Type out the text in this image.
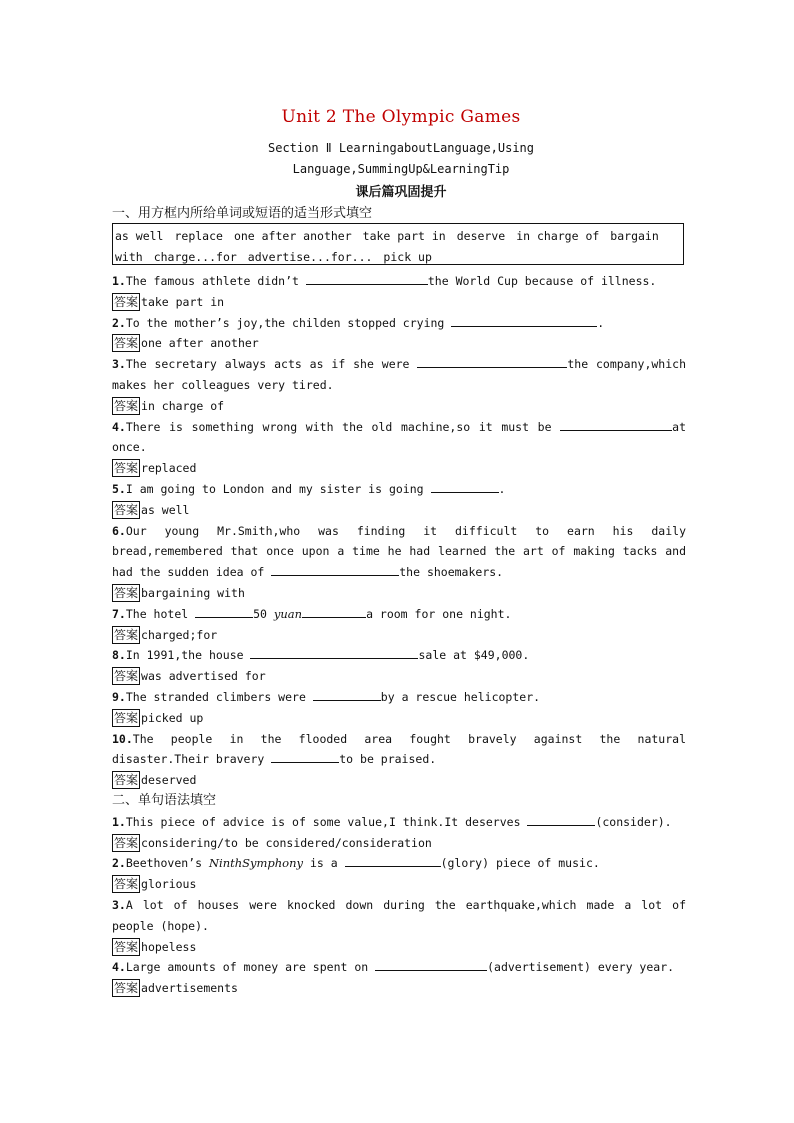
Unit 2 The Olympic Games
Section Ⅱ LearningaboutLanguage,Using
Language,SummingUp&LearningTip
课后篇巩固提升
一、用方框内所给单词或短语的适当形式填空
as well replace one after another take part in deserve in charge of bargain
with charge...for advertise...for... pick up
1.The famous athlete didn’t	the World Cup because of illness.
答案 take part in
2.To the mother’s joy,the childen stopped crying	.
答案 one after another
3.The secretary always acts as if she were	the company,which makes her colleagues very tired.
答案 in charge of
4.There is something wrong with the old machine,so it must be	at once.
答案 replaced
5.I am going to London and my sister is going	.
答案 as well
6.Our young Mr.Smith,who was finding it difficult to earn his daily bread,remembered that once upon a time he had learned the art of making tacks and had the sudden idea of	the shoemakers.
答案 bargaining with
7.The hotel	50 yuan	a room for one night.
答案 charged;for
8.In 1991,the house	sale at $49,000.
答案 was advertised for
9.The stranded climbers were	by a rescue helicopter.
答案 picked up
10.The people in the flooded area fought bravely against the natural disaster.Their bravery	to be praised.
答案 deserved
二、单句语法填空
1.This piece of advice is of some value,I think.It deserves	(consider).
答案 considering/to be considered/consideration
2.Beethoven’s NinthSymphony is a	(glory) piece of music.
答案 glorious
3.A lot of houses were knocked down during the earthquake,which made a lot of people (hope).
答案 hopeless
4.Large amounts of money are spent on	(advertisement) every year.
答案 advertisements
